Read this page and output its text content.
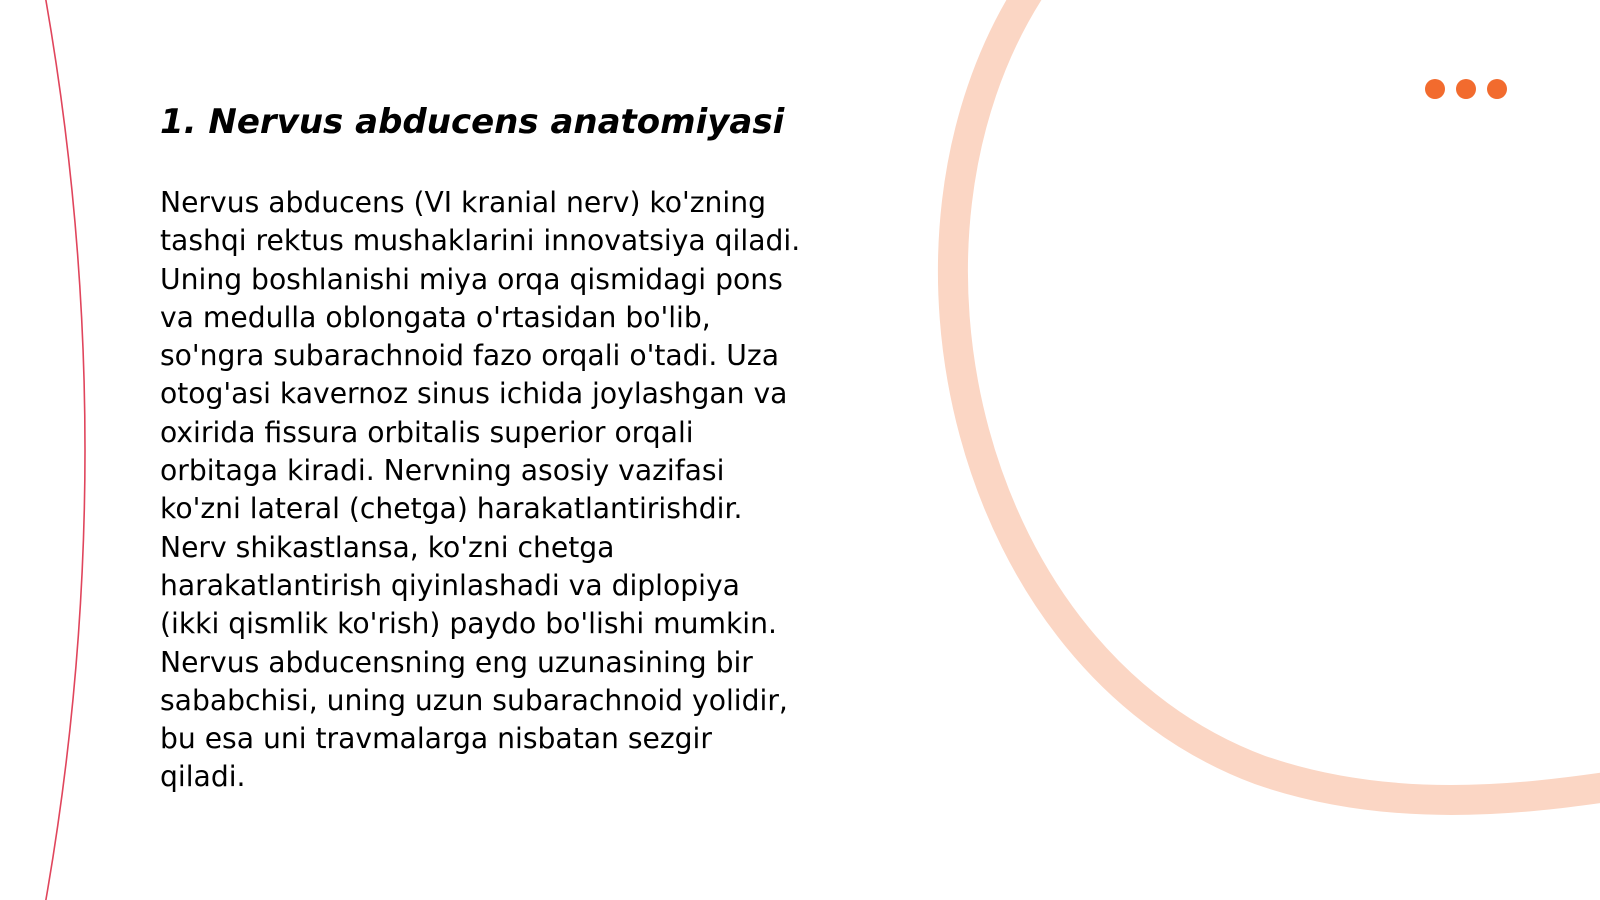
1. Nervus abducens anatomiyasi

Nervus abducens (VI kranial nerv) ko'zning
tashqi rektus mushaklarini innovatsiya qiladi.
Uning boshlanishi miya orqa qismidagi pons
va medulla oblongata o'rtasidan bo'lib,
so'ngra subarachnoid fazo orqali o'tadi. Uza
otog'asi kavernoz sinus ichida joylashgan va
oxirida fissura orbitalis superior orqali
orbitaga kiradi. Nervning asosiy vazifasi
ko'zni lateral (chetga) harakatlantirishdir.
Nerv shikastlansa, ko'zni chetga
harakatlantirish qiyinlashadi va diplopiya
(ikki qismlik ko'rish) paydo bo'lishi mumkin.
Nervus abducensning eng uzunasining bir
sababchisi, uning uzun subarachnoid yolidir,
bu esa uni travmalarga nisbatan sezgir
qiladi.
